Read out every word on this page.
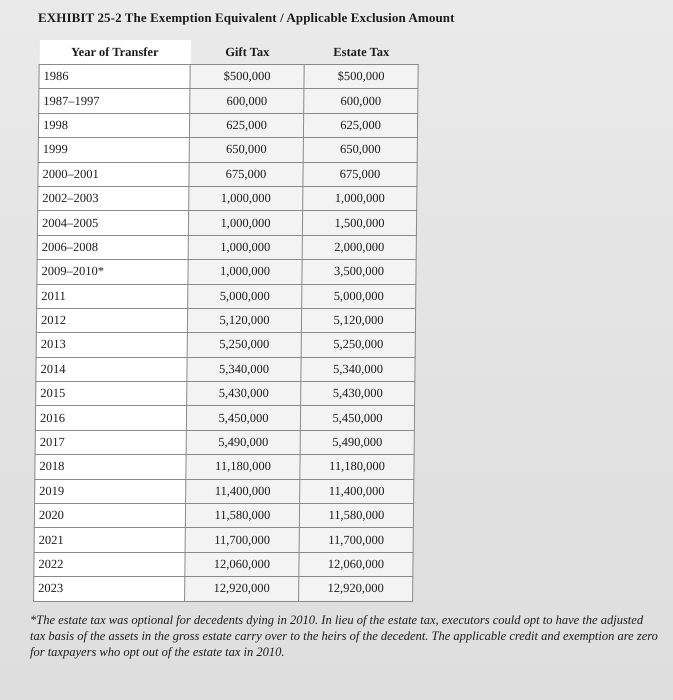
EXHIBIT 25-2 The Exemption Equivalent / Applicable Exclusion Amount
Year of Transfer	Gift Tax	Estate Tax
1986	$500,000	$500,000
1987–1997	600,000	600,000
1998	625,000	625,000
1999	650,000	650,000
2000–2001	675,000	675,000
2002–2003	1,000,000	1,000,000
2004–2005	1,000,000	1,500,000
2006–2008	1,000,000	2,000,000
2009–2010*	1,000,000	3,500,000
2011	5,000,000	5,000,000
2012	5,120,000	5,120,000
2013	5,250,000	5,250,000
2014	5,340,000	5,340,000
2015	5,430,000	5,430,000
2016	5,450,000	5,450,000
2017	5,490,000	5,490,000
2018	11,180,000	11,180,000
2019	11,400,000	11,400,000
2020	11,580,000	11,580,000
2021	11,700,000	11,700,000
2022	12,060,000	12,060,000
2023	12,920,000	12,920,000
*The estate tax was optional for decedents dying in 2010. In lieu of the estate tax, executors could opt to have the adjusted tax basis of the assets in the gross estate carry over to the heirs of the decedent. The applicable credit and exemption are zero for taxpayers who opt out of the estate tax in 2010.
